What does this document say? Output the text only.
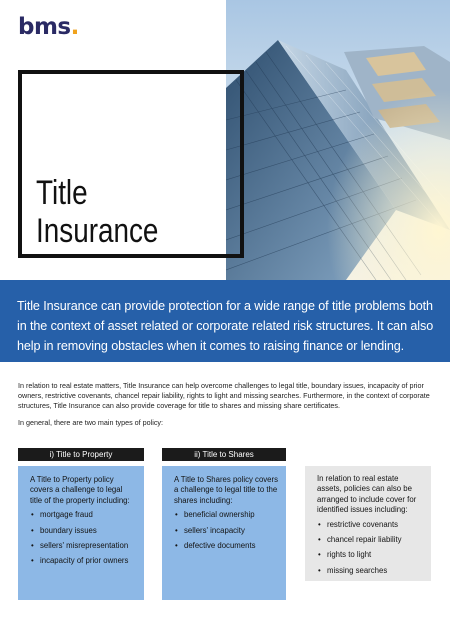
bms.
Title
Insurance

Title Insurance can provide protection for a wide range of title problems both in the context of asset related or corporate related risk structures. It can also help in removing obstacles when it comes to raising finance or lending.

In relation to real estate matters, Title Insurance can help overcome challenges to legal title, boundary issues, incapacity of prior owners, restrictive covenants, chancel repair liability, rights to light and missing searches. Furthermore, in the context of corporate structures, Title Insurance can also provide coverage for title to shares and missing share certificates.

In general, there are two main types of policy:

i) Title to Property	ii) Title to Shares

A Title to Property policy covers a challenge to legal title of the property including:

• mortgage fraud
• boundary issues
• sellers' misrepresentation
• incapacity of prior owners

A Title to Shares policy covers a challenge to legal title to the shares including:

• beneficial ownership
• sellers' incapacity
• defective documents

In relation to real estate assets, policies can also be arranged to include cover for identified issues including:

• restrictive covenants
• chancel repair liability
• rights to light
• missing searches
